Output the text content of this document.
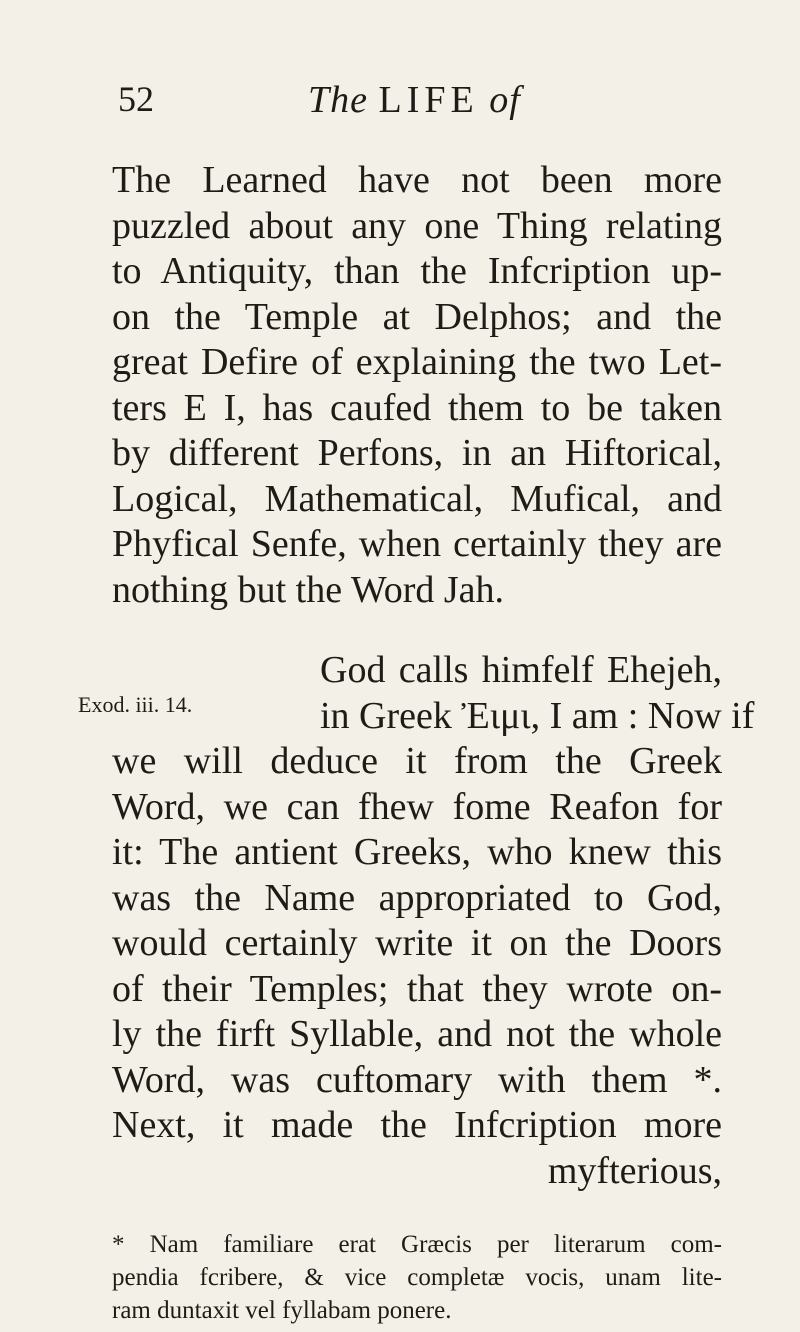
52	The LIFE of
The Learned have not been more
puzzled about any one Thing relating
to Antiquity, than the Infcription up-
on the Temple at Delphos; and the
great Defire of explaining the two Let-
ters E I, has caufed them to be taken
by different Perfons, in an Hiftorical,
Logical, Mathematical, Mufical, and
Phyfical Senfe, when certainly they are
nothing but the Word Jah.
Exod. iii. 14.
God calls himfelf Ehejeh,
in Greek Ἐιμι, I am : Now if
we will deduce it from the Greek
Word, we can fhew fome Reafon for
it: The antient Greeks, who knew this
was the Name appropriated to God,
would certainly write it on the Doors
of their Temples; that they wrote on-
ly the firft Syllable, and not the whole
Word, was cuftomary with them *.
Next, it made the Infcription more
myfterious,
* Nam familiare erat Græcis per literarum com-
pendia fcribere, & vice completæ vocis, unam lite-
ram duntaxit vel fyllabam ponere.
